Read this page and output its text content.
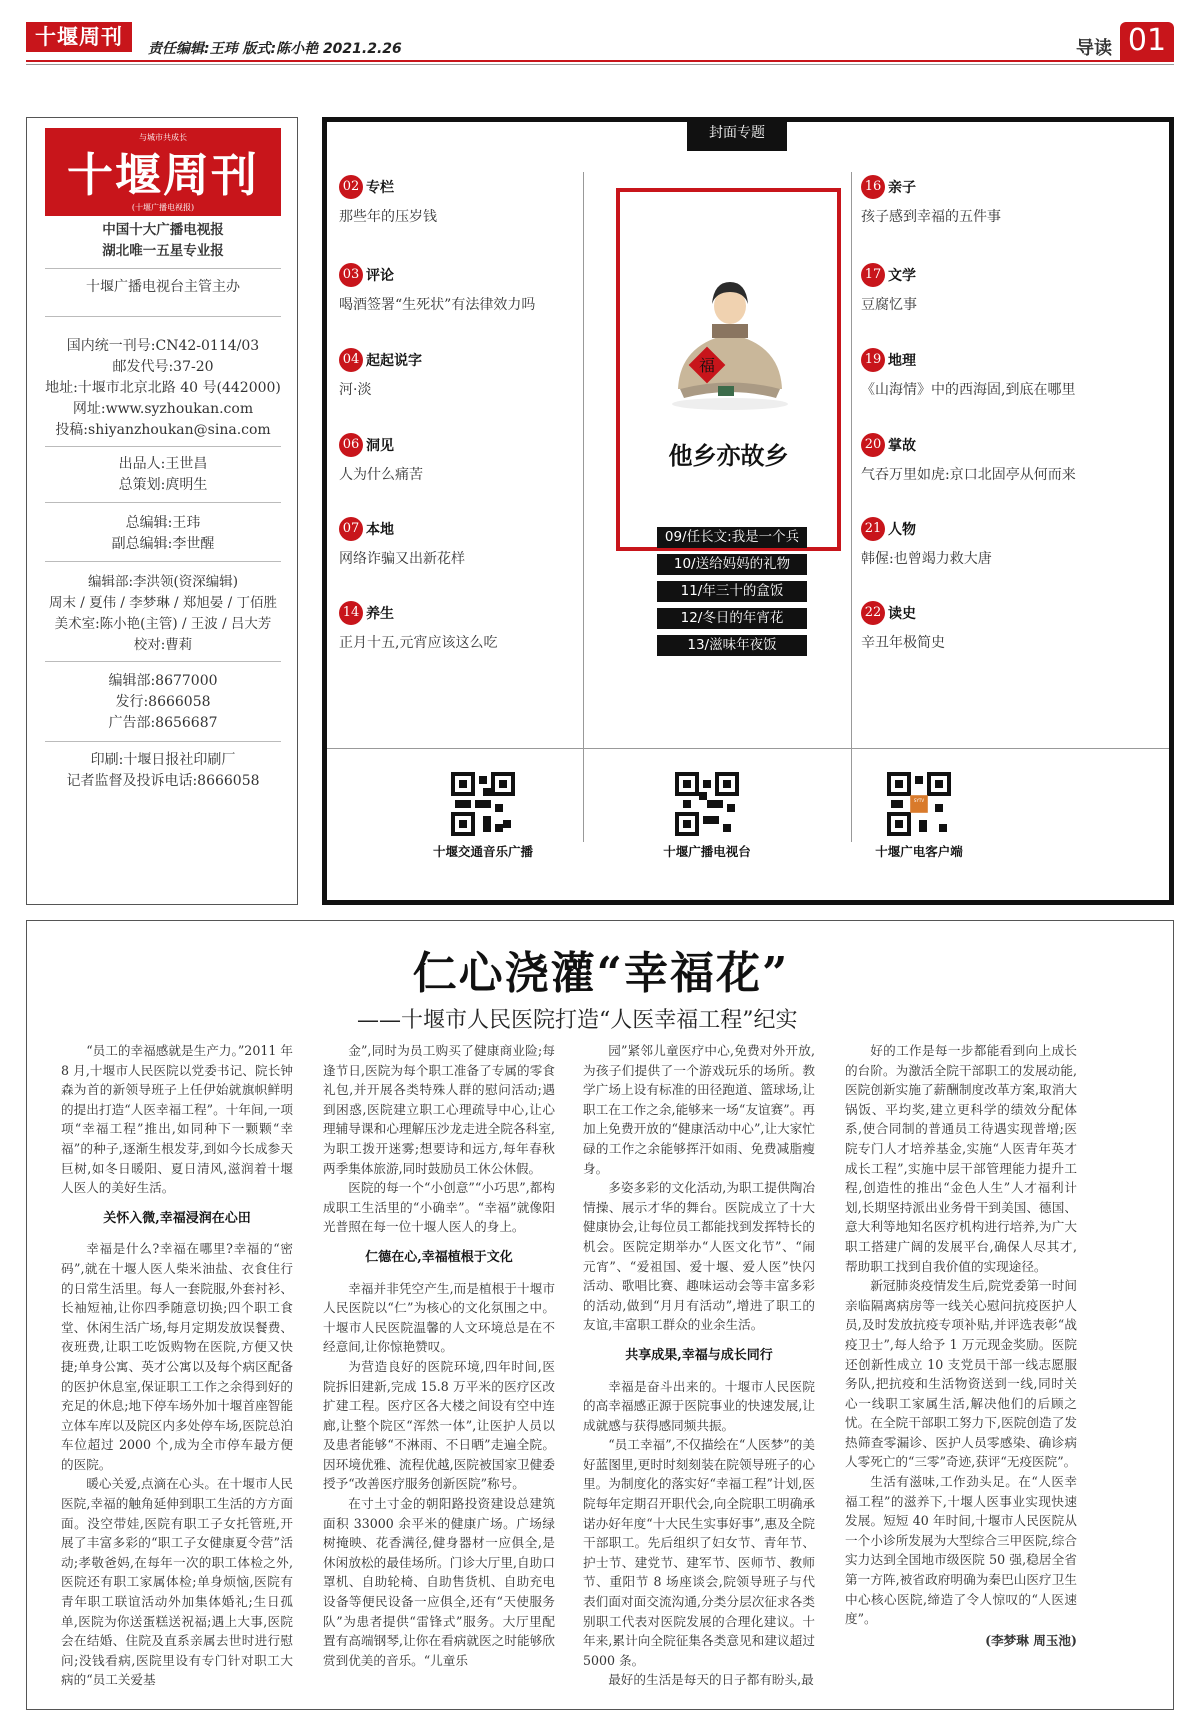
十堰周刊	责任编辑:王玮 版式:陈小艳 2021.2.26	导读 01
与城市共成长
十堰周刊
(十堰广播电视报)
中国十大广播电视报
湖北唯一五星专业报
十堰广播电视台主管主办
国内统一刊号:CN42-0114/03
邮发代号:37-20
地址:十堰市北京北路 40 号(442000)
网址:www.syzhoukan.com
投稿:shiyanzhoukan@sina.com
出品人:王世昌
总策划:庹明生
总编辑:王玮
副总编辑:李世醒
编辑部:李洪领(资深编辑)
周末 / 夏伟 / 李梦琳 / 郑旭晏 / 丁佰胜
美术室:陈小艳(主管) / 王波 / 吕大芳
校对:曹莉
编辑部:8677000
发行:8666058
广告部:8656687
印刷:十堰日报社印刷厂
记者监督及投诉电话:8666058
封面专题
02 专栏
那些年的压岁钱
03 评论
喝酒签署“生死状”有法律效力吗
04 起起说字
河·淡
06 洞见
人为什么痛苦
07 本地
网络诈骗又出新花样
14 养生
正月十五,元宵应该这么吃
16 亲子
孩子感到幸福的五件事
17 文学
豆腐忆事
19 地理
《山海情》中的西海固,到底在哪里
20 掌故
气吞万里如虎:京口北固亭从何而来
21 人物
韩偓:也曾竭力救大唐
22 读史
辛丑年极简史
福
他乡亦故乡
09/任长文:我是一个兵
10/送给妈妈的礼物
11/年三十的盒饭
12/冬日的年宵花
13/滋味年夜饭
十堰交通音乐广播	十堰广播电视台	十堰广电客户端
SYTV
仁心浇灌“幸福花”
——十堰市人民医院打造“人医幸福工程”纪实

“员工的幸福感就是生产力。”2011 年 8 月,十堰市人民医院以党委书记、院长钟森为首的新领导班子上任伊始就旗帜鲜明的提出打造“人医幸福工程”。十年间,一项项“幸福工程”推出,如同种下一颗颗“幸福”的种子,逐渐生根发芽,到如今长成参天巨树,如冬日暖阳、夏日清风,滋润着十堰人医人的美好生活。

关怀入微,幸福浸润在心田

幸福是什么?幸福在哪里?幸福的“密码”,就在十堰人医人柴米油盐、衣食住行的日常生活里。每人一套院服,外套衬衫、长袖短袖,让你四季随意切换;四个职工食堂、休闲生活广场,每月定期发放误餐费、夜班费,让职工吃饭购物在医院,方便又快捷;单身公寓、英才公寓以及每个病区配备的医护休息室,保证职工工作之余得到好的充足的休息;地下停车场外加十堰首座智能立体车库以及院区内多处停车场,医院总泊车位超过 2000 个,成为全市停车最方便的医院。

暖心关爱,点滴在心头。在十堰市人民医院,幸福的触角延伸到职工生活的方方面面。没空带娃,医院有职工子女托管班,开展了丰富多彩的“职工子女健康夏令营”活动;孝敬爸妈,在每年一次的职工体检之外,医院还有职工家属体检;单身烦恼,医院有青年职工联谊活动外加集体婚礼;生日孤单,医院为你送蛋糕送祝福;遇上大事,医院会在结婚、住院及直系亲属去世时进行慰问;没钱看病,医院里设有专门针对职工大病的“员工关爱基

金”,同时为员工购买了健康商业险;每逢节日,医院为每个职工准备了专属的零食礼包,并开展各类特殊人群的慰问活动;遇到困惑,医院建立职工心理疏导中心,让心理辅导课和心理解压沙龙走进全院各科室,为职工拨开迷雾;想要诗和远方,每年春秋两季集体旅游,同时鼓励员工休公休假。

医院的每一个“小创意”“小巧思”,都构成职工生活里的“小确幸”。“幸福”就像阳光普照在每一位十堰人医人的身上。

仁德在心,幸福植根于文化

幸福并非凭空产生,而是植根于十堰市人民医院以“仁”为核心的文化氛围之中。十堰市人民医院温馨的人文环境总是在不经意间,让你惊艳赞叹。

为营造良好的医院环境,四年时间,医院拆旧建新,完成 15.8 万平米的医疗区改扩建工程。医疗区各大楼之间设有空中连廊,让整个院区“浑然一体”,让医护人员以及患者能够“不淋雨、不日晒”走遍全院。因环境优雅、流程优越,医院被国家卫健委授予“改善医疗服务创新医院”称号。

在寸土寸金的朝阳路投资建设总建筑面积 33000 余平米的健康广场。广场绿树掩映、花香满径,健身器材一应俱全,是休闲放松的最佳场所。门诊大厅里,自助口罩机、自助轮椅、自助售货机、自助充电设备等便民设备一应俱全,还有“天使服务队”为患者提供“雷锋式”服务。大厅里配置有高端钢琴,让你在看病就医之时能够欣赏到优美的音乐。“儿童乐

园”紧邻儿童医疗中心,免费对外开放,为孩子们提供了一个游戏玩乐的场所。教学广场上设有标准的田径跑道、篮球场,让职工在工作之余,能够来一场“友谊赛”。再加上免费开放的“健康活动中心”,让大家忙碌的工作之余能够挥汗如雨、免费减脂瘦身。

多姿多彩的文化活动,为职工提供陶冶情操、展示才华的舞台。医院成立了十大健康协会,让每位员工都能找到发挥特长的机会。医院定期举办“人医文化节”、“闹元宵”、“爱祖国、爱十堰、爱人医”快闪活动、歌唱比赛、趣味运动会等丰富多彩的活动,做到“月月有活动”,增进了职工的友谊,丰富职工群众的业余生活。

共享成果,幸福与成长同行

幸福是奋斗出来的。十堰市人民医院的高幸福感正源于医院事业的快速发展,让成就感与获得感同频共振。

“员工幸福”,不仅描绘在“人医梦”的美好蓝图里,更时时刻刻装在院领导班子的心里。为制度化的落实好“幸福工程”计划,医院每年定期召开职代会,向全院职工明确承诺办好年度“十大民生实事好事”,惠及全院干部职工。先后组织了妇女节、青年节、护士节、建党节、建军节、医师节、教师节、重阳节 8 场座谈会,院领导班子与代表们面对面交流沟通,分类分层次征求各类别职工代表对医院发展的合理化建议。十年来,累计向全院征集各类意见和建议超过 5000 条。

最好的生活是每天的日子都有盼头,最

好的工作是每一步都能看到向上成长的台阶。为激活全院干部职工的发展动能,医院创新实施了薪酬制度改革方案,取消大锅饭、平均奖,建立更科学的绩效分配体系,使合同制的普通员工待遇实现普增;医院专门人才培养基金,实施“人医青年英才成长工程”,实施中层干部管理能力提升工程,创造性的推出“金色人生”人才福利计划,长期坚持派出业务骨干到美国、德国、意大利等地知名医疗机构进行培养,为广大职工搭建广阔的发展平台,确保人尽其才,帮助职工找到自我价值的实现途径。

新冠肺炎疫情发生后,院党委第一时间亲临隔离病房等一线关心慰问抗疫医护人员,及时发放抗疫专项补贴,并评选表彰“战疫卫士”,每人给予 1 万元现金奖励。医院还创新性成立 10 支党员干部一线志愿服务队,把抗疫和生活物资送到一线,同时关心一线职工家属生活,解决他们的后顾之忧。在全院干部职工努力下,医院创造了发热筛查零漏诊、医护人员零感染、确诊病人零死亡的“三零”奇迹,获评“无疫医院”。

生活有滋味,工作劲头足。在“人医幸福工程”的滋养下,十堰人医事业实现快速发展。短短 40 年时间,十堰市人民医院从一个小诊所发展为大型综合三甲医院,综合实力达到全国地市级医院 50 强,稳居全省第一方阵,被省政府明确为秦巴山医疗卫生中心核心医院,缔造了令人惊叹的“人医速度”。

(李梦琳 周玉池)
